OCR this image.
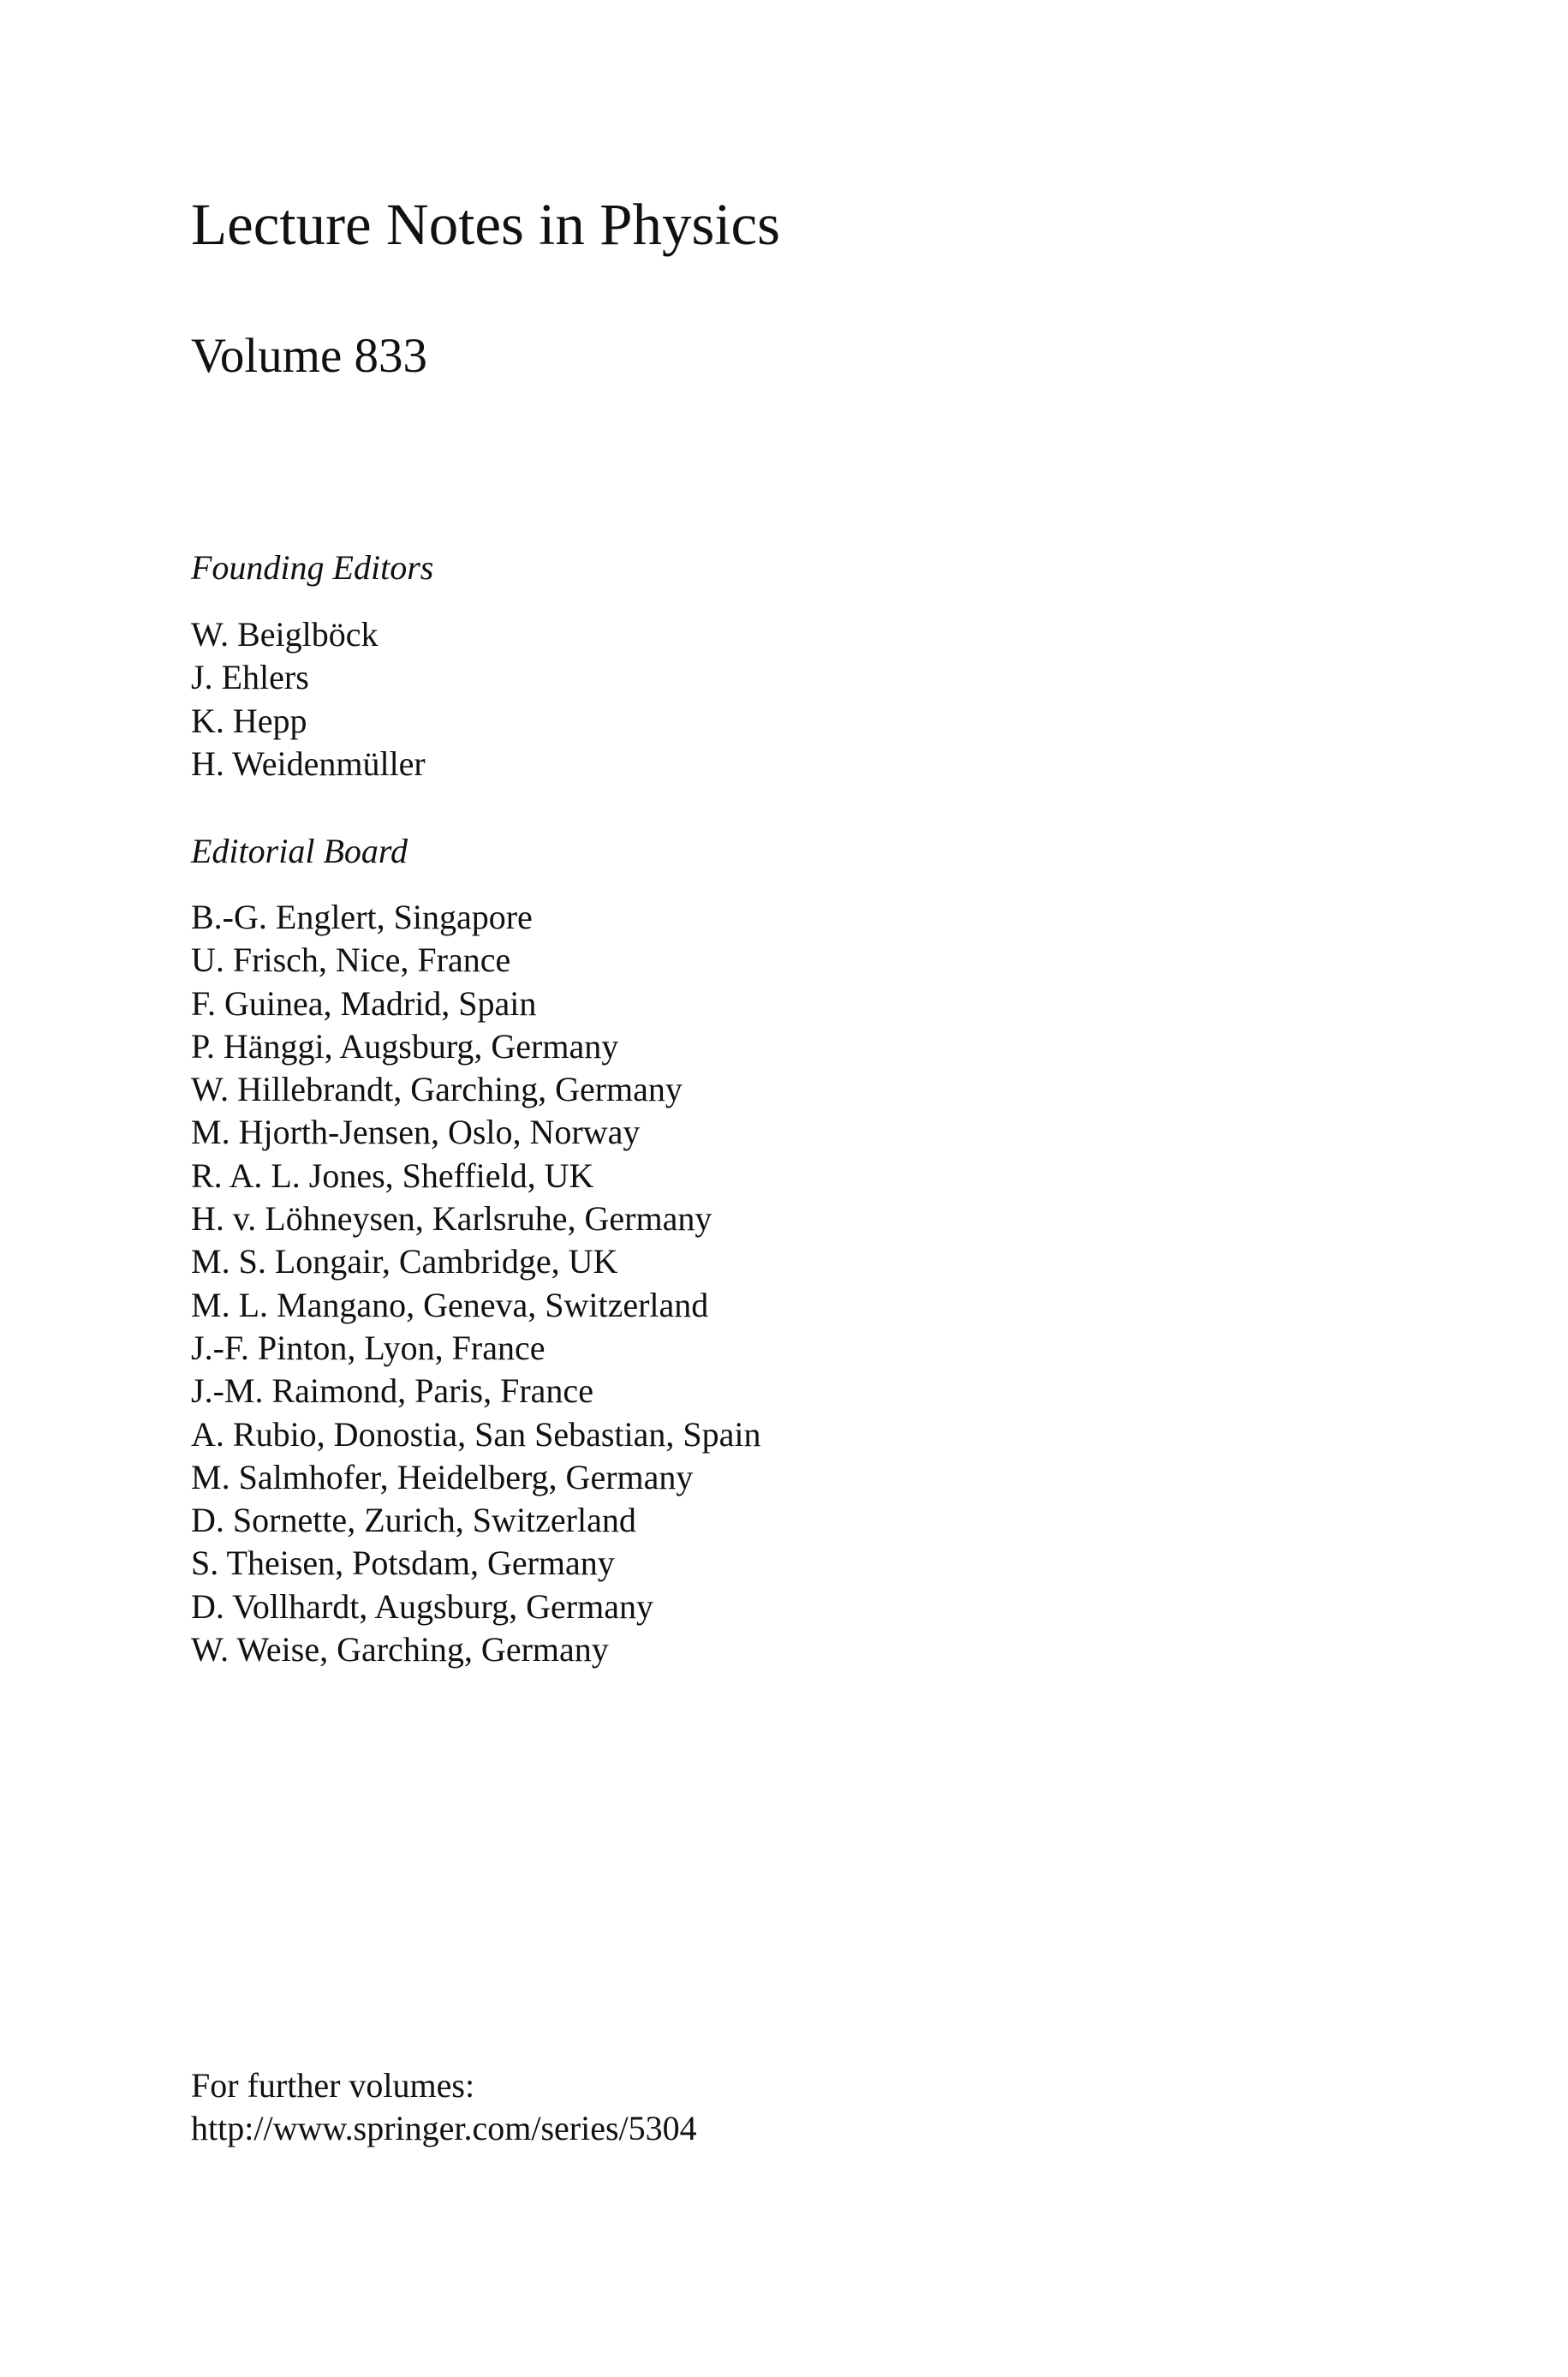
Lecture Notes in Physics
Volume 833
Founding Editors
W. Beiglböck
J. Ehlers
K. Hepp
H. Weidenmüller
Editorial Board
B.-G. Englert, Singapore
U. Frisch, Nice, France
F. Guinea, Madrid, Spain
P. Hänggi, Augsburg, Germany
W. Hillebrandt, Garching, Germany
M. Hjorth-Jensen, Oslo, Norway
R. A. L. Jones, Sheffield, UK
H. v. Löhneysen, Karlsruhe, Germany
M. S. Longair, Cambridge, UK
M. L. Mangano, Geneva, Switzerland
J.-F. Pinton, Lyon, France
J.-M. Raimond, Paris, France
A. Rubio, Donostia, San Sebastian, Spain
M. Salmhofer, Heidelberg, Germany
D. Sornette, Zurich, Switzerland
S. Theisen, Potsdam, Germany
D. Vollhardt, Augsburg, Germany
W. Weise, Garching, Germany
For further volumes:
http://www.springer.com/series/5304
